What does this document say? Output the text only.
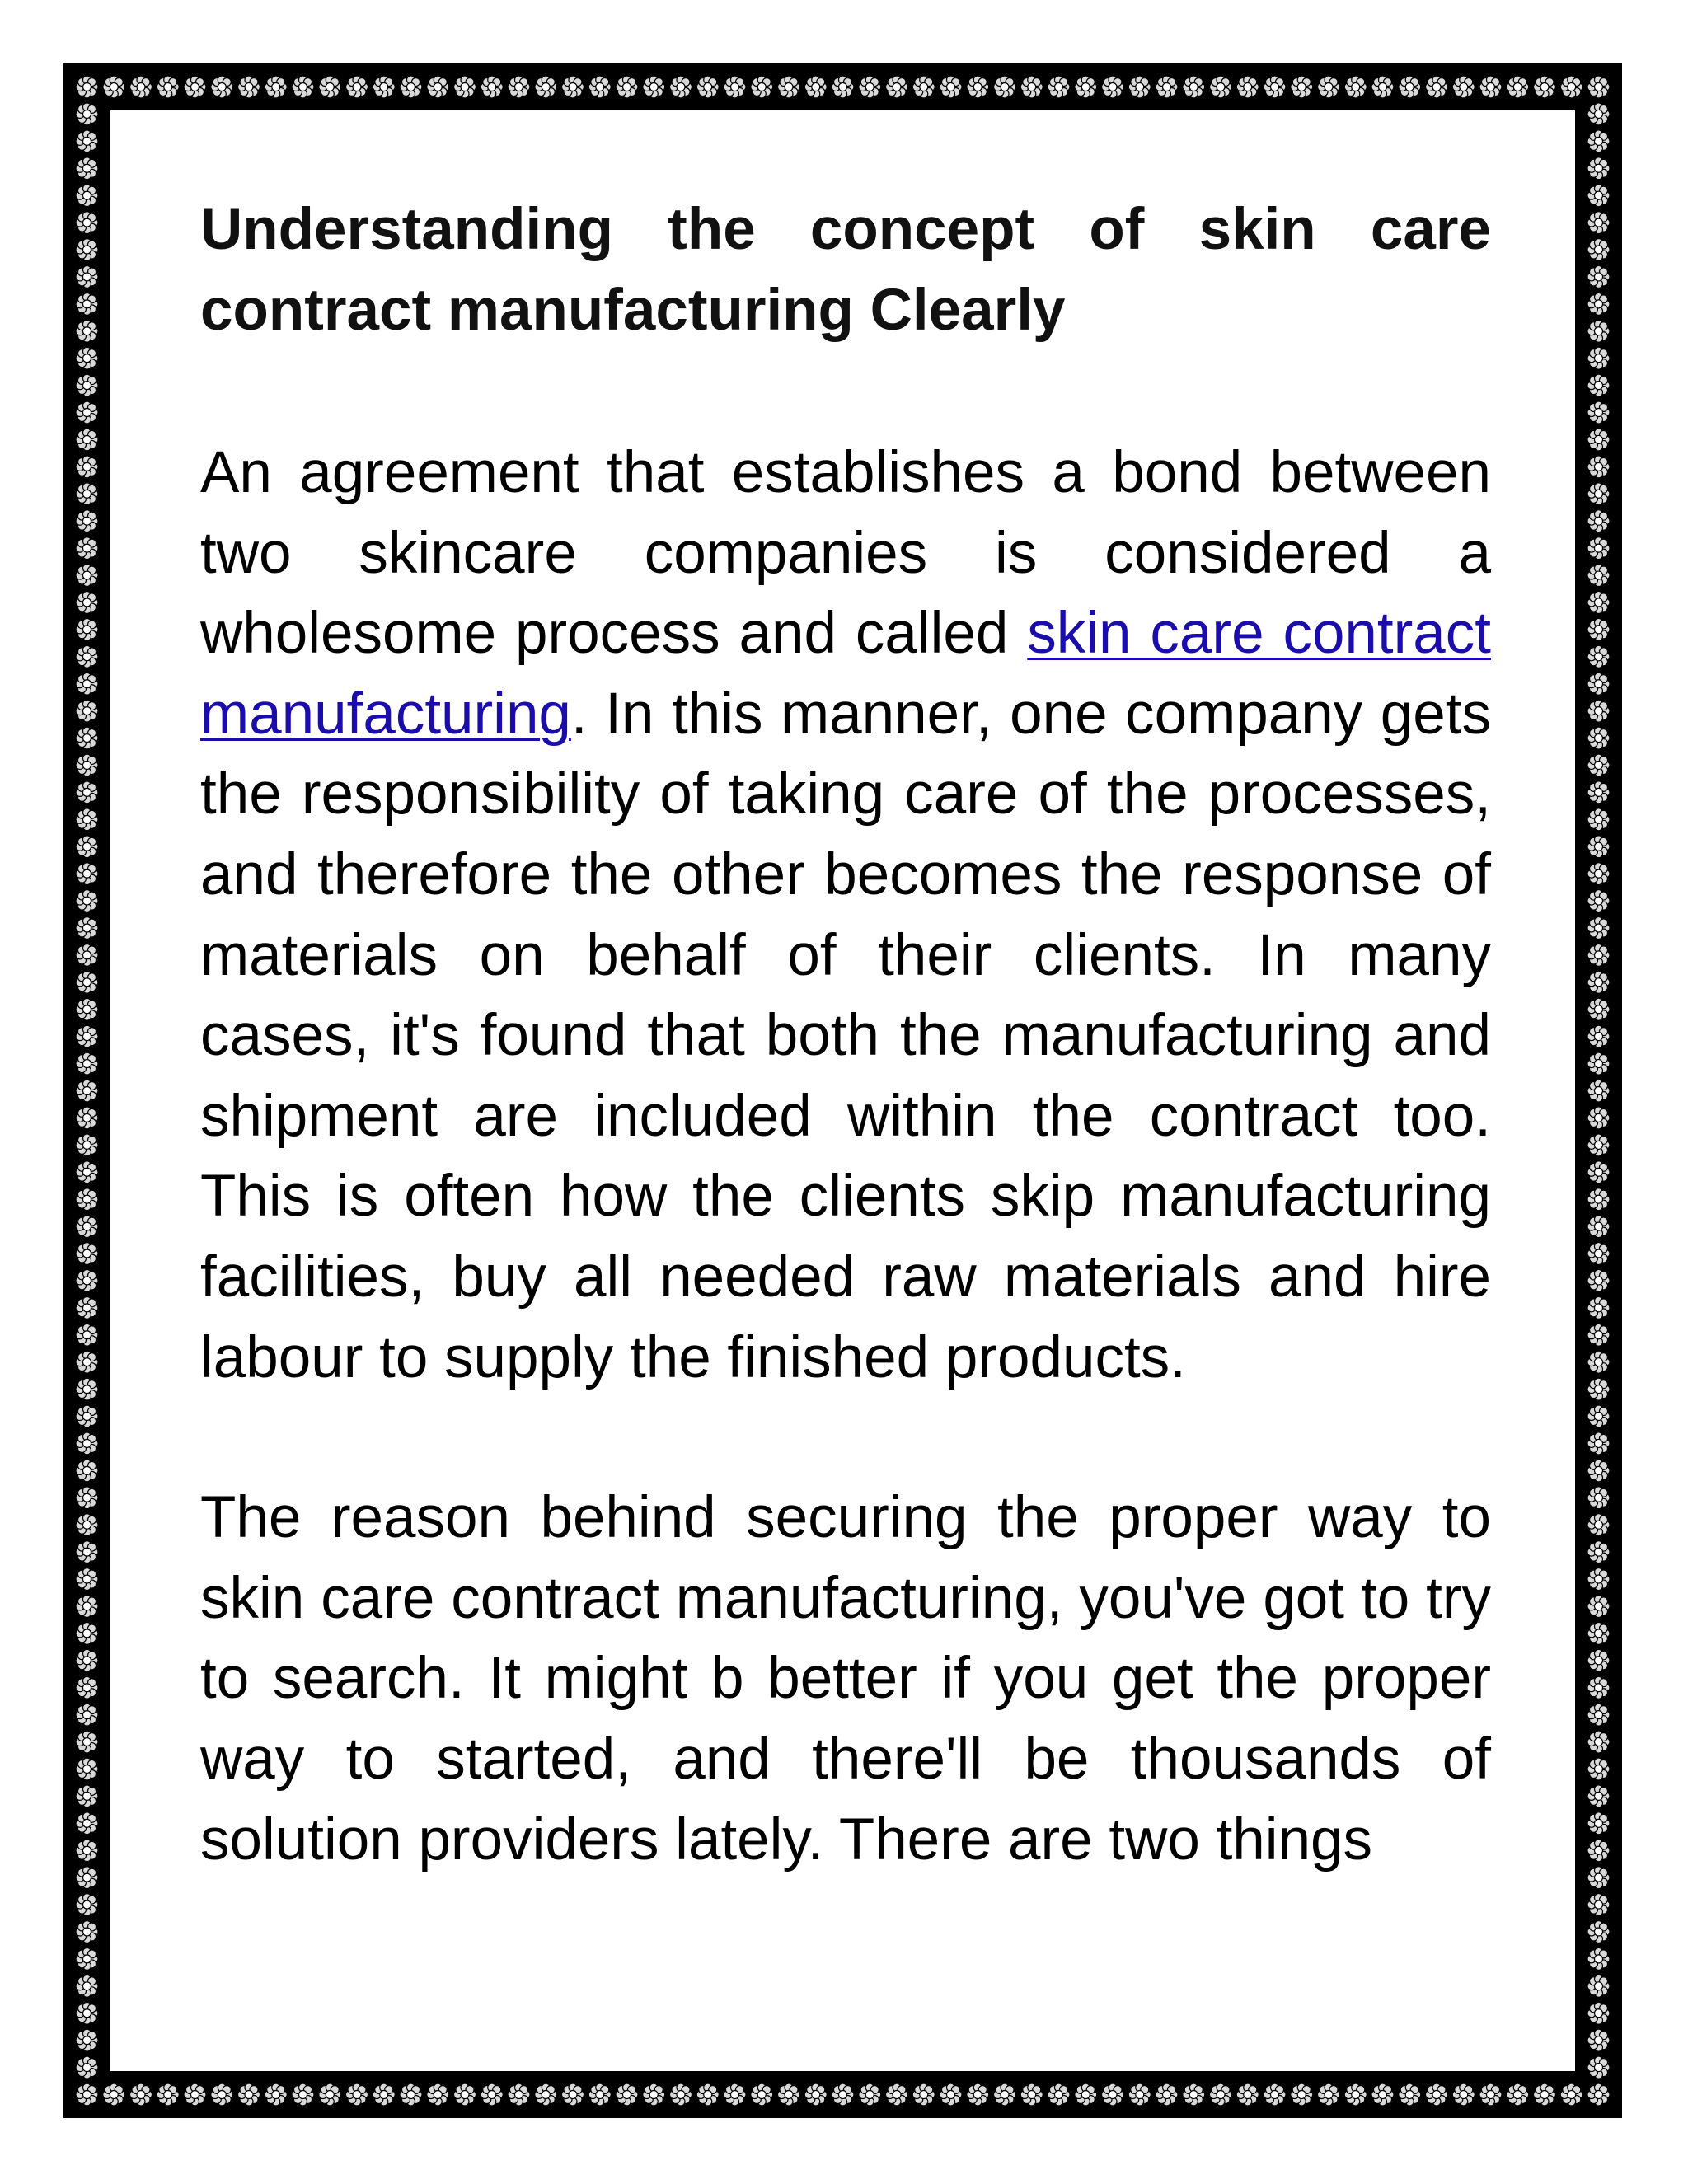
Understanding the concept of skin care contract manufacturing Clearly

An agreement that establishes a bond between two skincare companies is considered a wholesome process and called skin care contract manufacturing. In this manner, one company gets the responsibility of taking care of the processes, and therefore the other becomes the response of materials on behalf of their clients. In many cases, it's found that both the manufacturing and shipment are included within the contract too. This is often how the clients skip manufacturing facilities, buy all needed raw materials and hire labour to supply the finished products.

The reason behind securing the proper way to skin care contract manufacturing, you've got to try to search. It might b better if you get the proper way to started, and there'll be thousands of solution providers lately. There are two things
